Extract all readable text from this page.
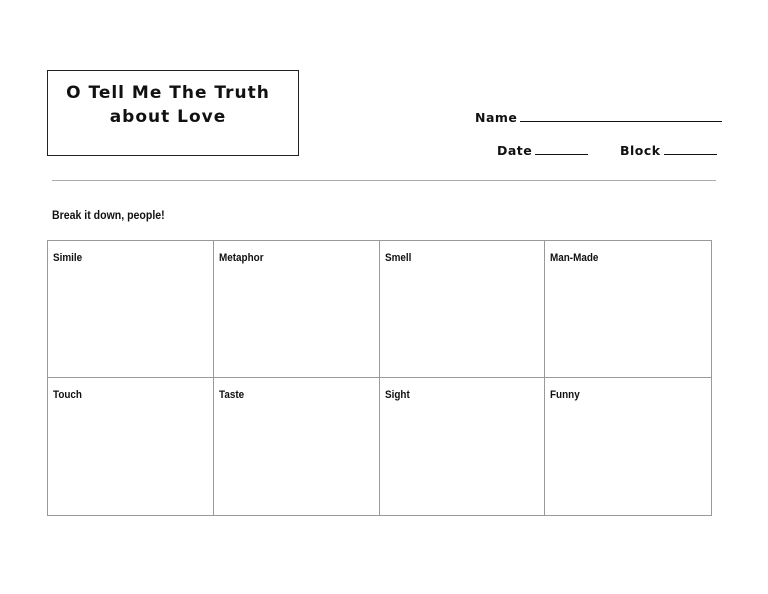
O Tell Me The Truth
about Love	Name
Date	Block
Break it down, people!
Simile	Metaphor	Smell	Man-Made
Touch	Taste	Sight	Funny
